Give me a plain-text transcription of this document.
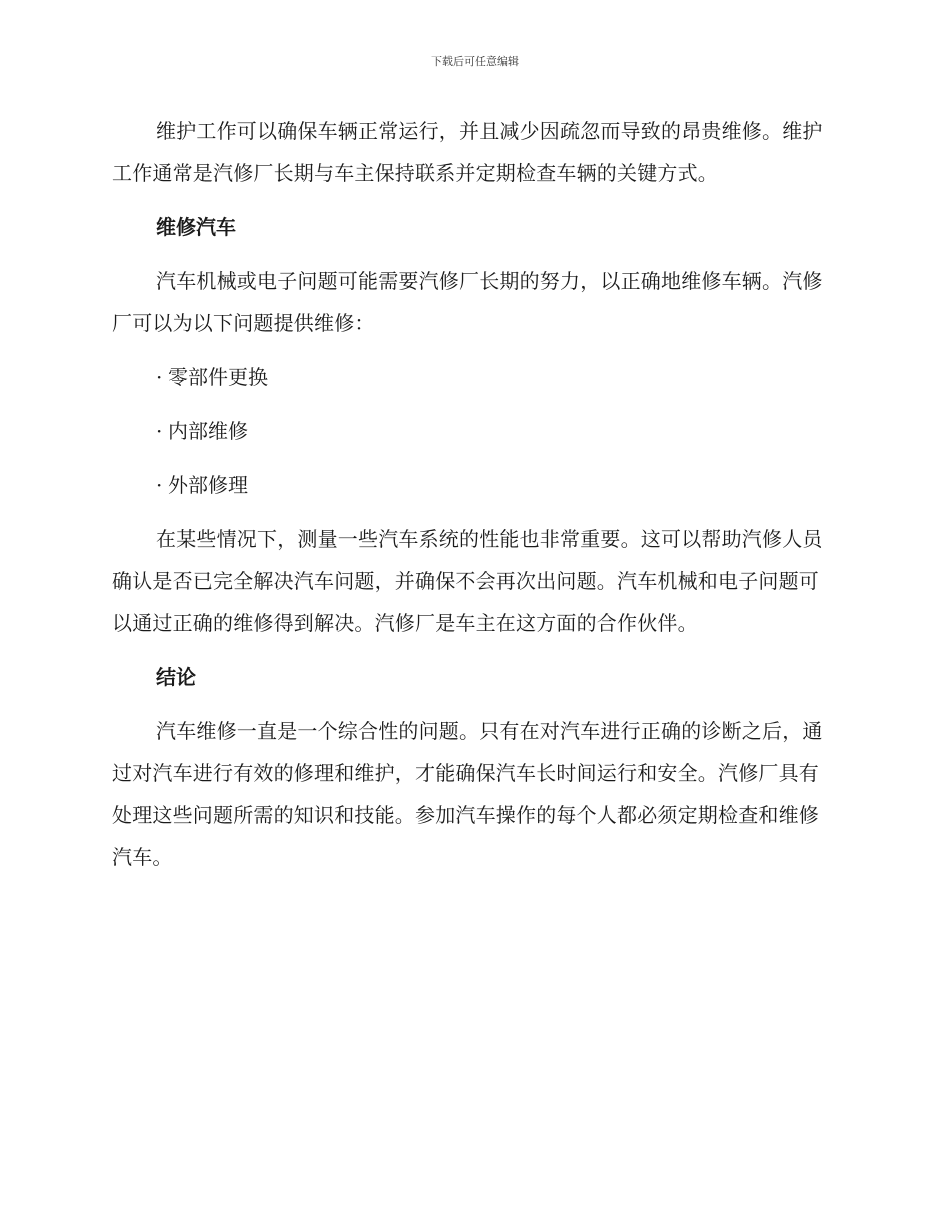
下载后可任意编辑

维护工作可以确保车辆正常运行，并且减少因疏忽而导致的昂贵维修。维护工作通常是汽修厂长期与车主保持联系并定期检查车辆的关键方式。

维修汽车

汽车机械或电子问题可能需要汽修厂长期的努力，以正确地维修车辆。汽修厂可以为以下问题提供维修：

· 零部件更换
· 内部维修
· 外部修理

在某些情况下，测量一些汽车系统的性能也非常重要。这可以帮助汽修人员确认是否已完全解决汽车问题，并确保不会再次出问题。汽车机械和电子问题可以通过正确的维修得到解决。汽修厂是车主在这方面的合作伙伴。

结论

汽车维修一直是一个综合性的问题。只有在对汽车进行正确的诊断之后，通过对汽车进行有效的修理和维护，才能确保汽车长时间运行和安全。汽修厂具有处理这些问题所需的知识和技能。参加汽车操作的每个人都必须定期检查和维修汽车。
